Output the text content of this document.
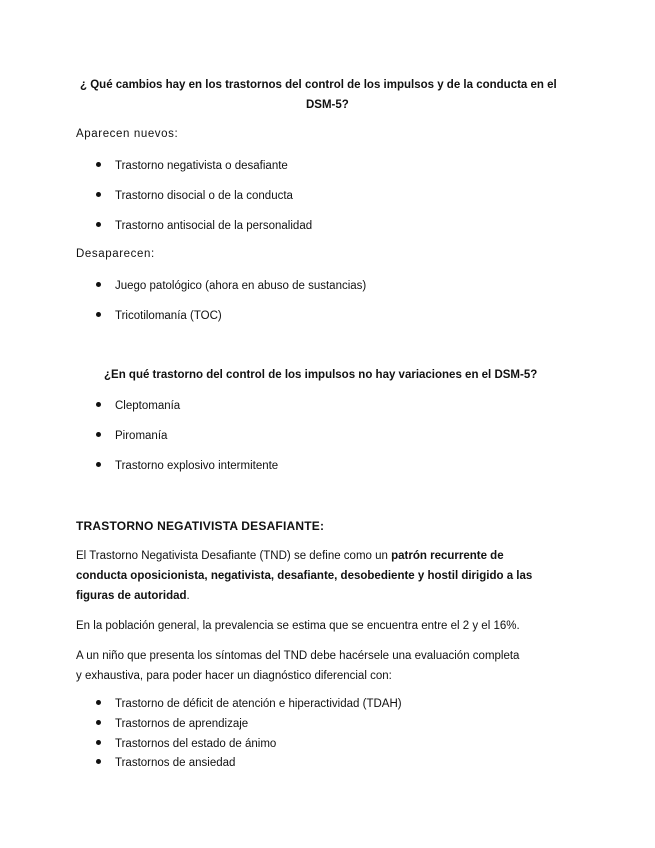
¿ Qué cambios hay en los trastornos del control de los impulsos y de la conducta en el
DSM-5?
Aparecen nuevos:
Trastorno negativista o desafiante
Trastorno disocial o de la conducta
Trastorno antisocial de la personalidad
Desaparecen:
Juego patológico (ahora en abuso de sustancias)
Tricotilomanía (TOC)
¿En qué trastorno del control de los impulsos no hay variaciones en el DSM-5?
Cleptomanía
Piromanía
Trastorno explosivo intermitente
TRASTORNO NEGATIVISTA DESAFIANTE:
El Trastorno Negativista Desafiante (TND) se define como un patrón recurrente de
conducta oposicionista, negativista, desafiante, desobediente y hostil dirigido a las
figuras de autoridad.
En la población general, la prevalencia se estima que se encuentra entre el 2 y el 16%.
A un niño que presenta los síntomas del TND debe hacérsele una evaluación completa
y exhaustiva, para poder hacer un diagnóstico diferencial con:
Trastorno de déficit de atención e hiperactividad (TDAH)
Trastornos de aprendizaje
Trastornos del estado de ánimo
Trastornos de ansiedad
